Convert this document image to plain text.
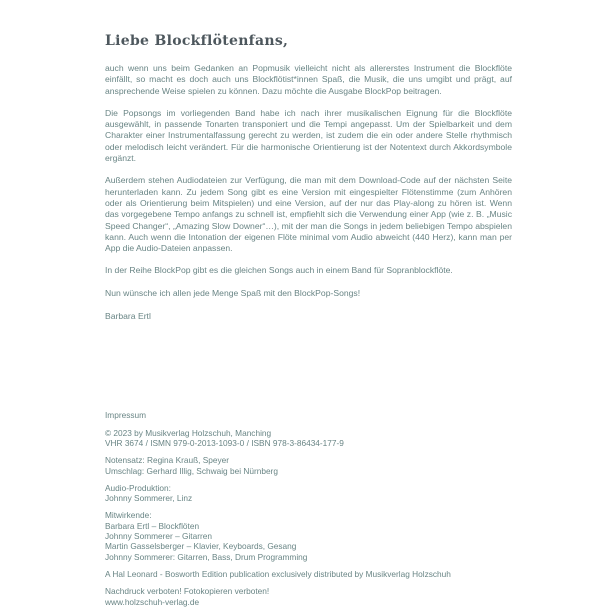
Liebe Blockflötenfans,

auch wenn uns beim Gedanken an Popmusik vielleicht nicht als allererstes Instrument die Blockflöte einfällt, so macht es doch auch uns Blockflötist*innen Spaß, die Musik, die uns umgibt und prägt, auf ansprechende Weise spielen zu können. Dazu möchte die Ausgabe BlockPop beitragen.

Die Popsongs im vorliegenden Band habe ich nach ihrer musikalischen Eignung für die Blockflöte ausgewählt, in passende Tonarten transponiert und die Tempi angepasst. Um der Spielbarkeit und dem Charakter einer Instrumentalfassung gerecht zu werden, ist zudem die ein oder andere Stelle rhythmisch oder melodisch leicht verändert. Für die harmonische Orientierung ist der Notentext durch Akkordsymbole ergänzt.

Außerdem stehen Audiodateien zur Verfügung, die man mit dem Download-Code auf der nächsten Seite herunterladen kann. Zu jedem Song gibt es eine Version mit eingespielter Flötenstimme (zum Anhören oder als Orientierung beim Mitspielen) und eine Version, auf der nur das Play-along zu hören ist. Wenn das vorgegebene Tempo anfangs zu schnell ist, empfiehlt sich die Verwendung einer App (wie z. B. „Music Speed Changer“, „Amazing Slow Downer“…), mit der man die Songs in jedem beliebigen Tempo abspielen kann. Auch wenn die Intonation der eigenen Flöte minimal vom Audio abweicht (440 Herz), kann man per App die Audio-Dateien anpassen.

In der Reihe BlockPop gibt es die gleichen Songs auch in einem Band für Sopranblockflöte.

Nun wünsche ich allen jede Menge Spaß mit den BlockPop-Songs!

Barbara Ertl

Impressum
© 2023 by Musikverlag Holzschuh, Manching
VHR 3674 / ISMN 979-0-2013-1093-0 / ISBN 978-3-86434-177-9
Notensatz: Regina Krauß, Speyer
Umschlag: Gerhard Illig, Schwaig bei Nürnberg
Audio-Produktion:
Johnny Sommerer, Linz
Mitwirkende:
Barbara Ertl – Blockflöten
Johnny Sommerer – Gitarren
Martin Gasselsberger – Klavier, Keyboards, Gesang
Johnny Sommerer: Gitarren, Bass, Drum Programming
A Hal Leonard - Bosworth Edition publication exclusively distributed by Musikverlag Holzschuh
Nachdruck verboten! Fotokopieren verboten!
www.holzschuh-verlag.de
